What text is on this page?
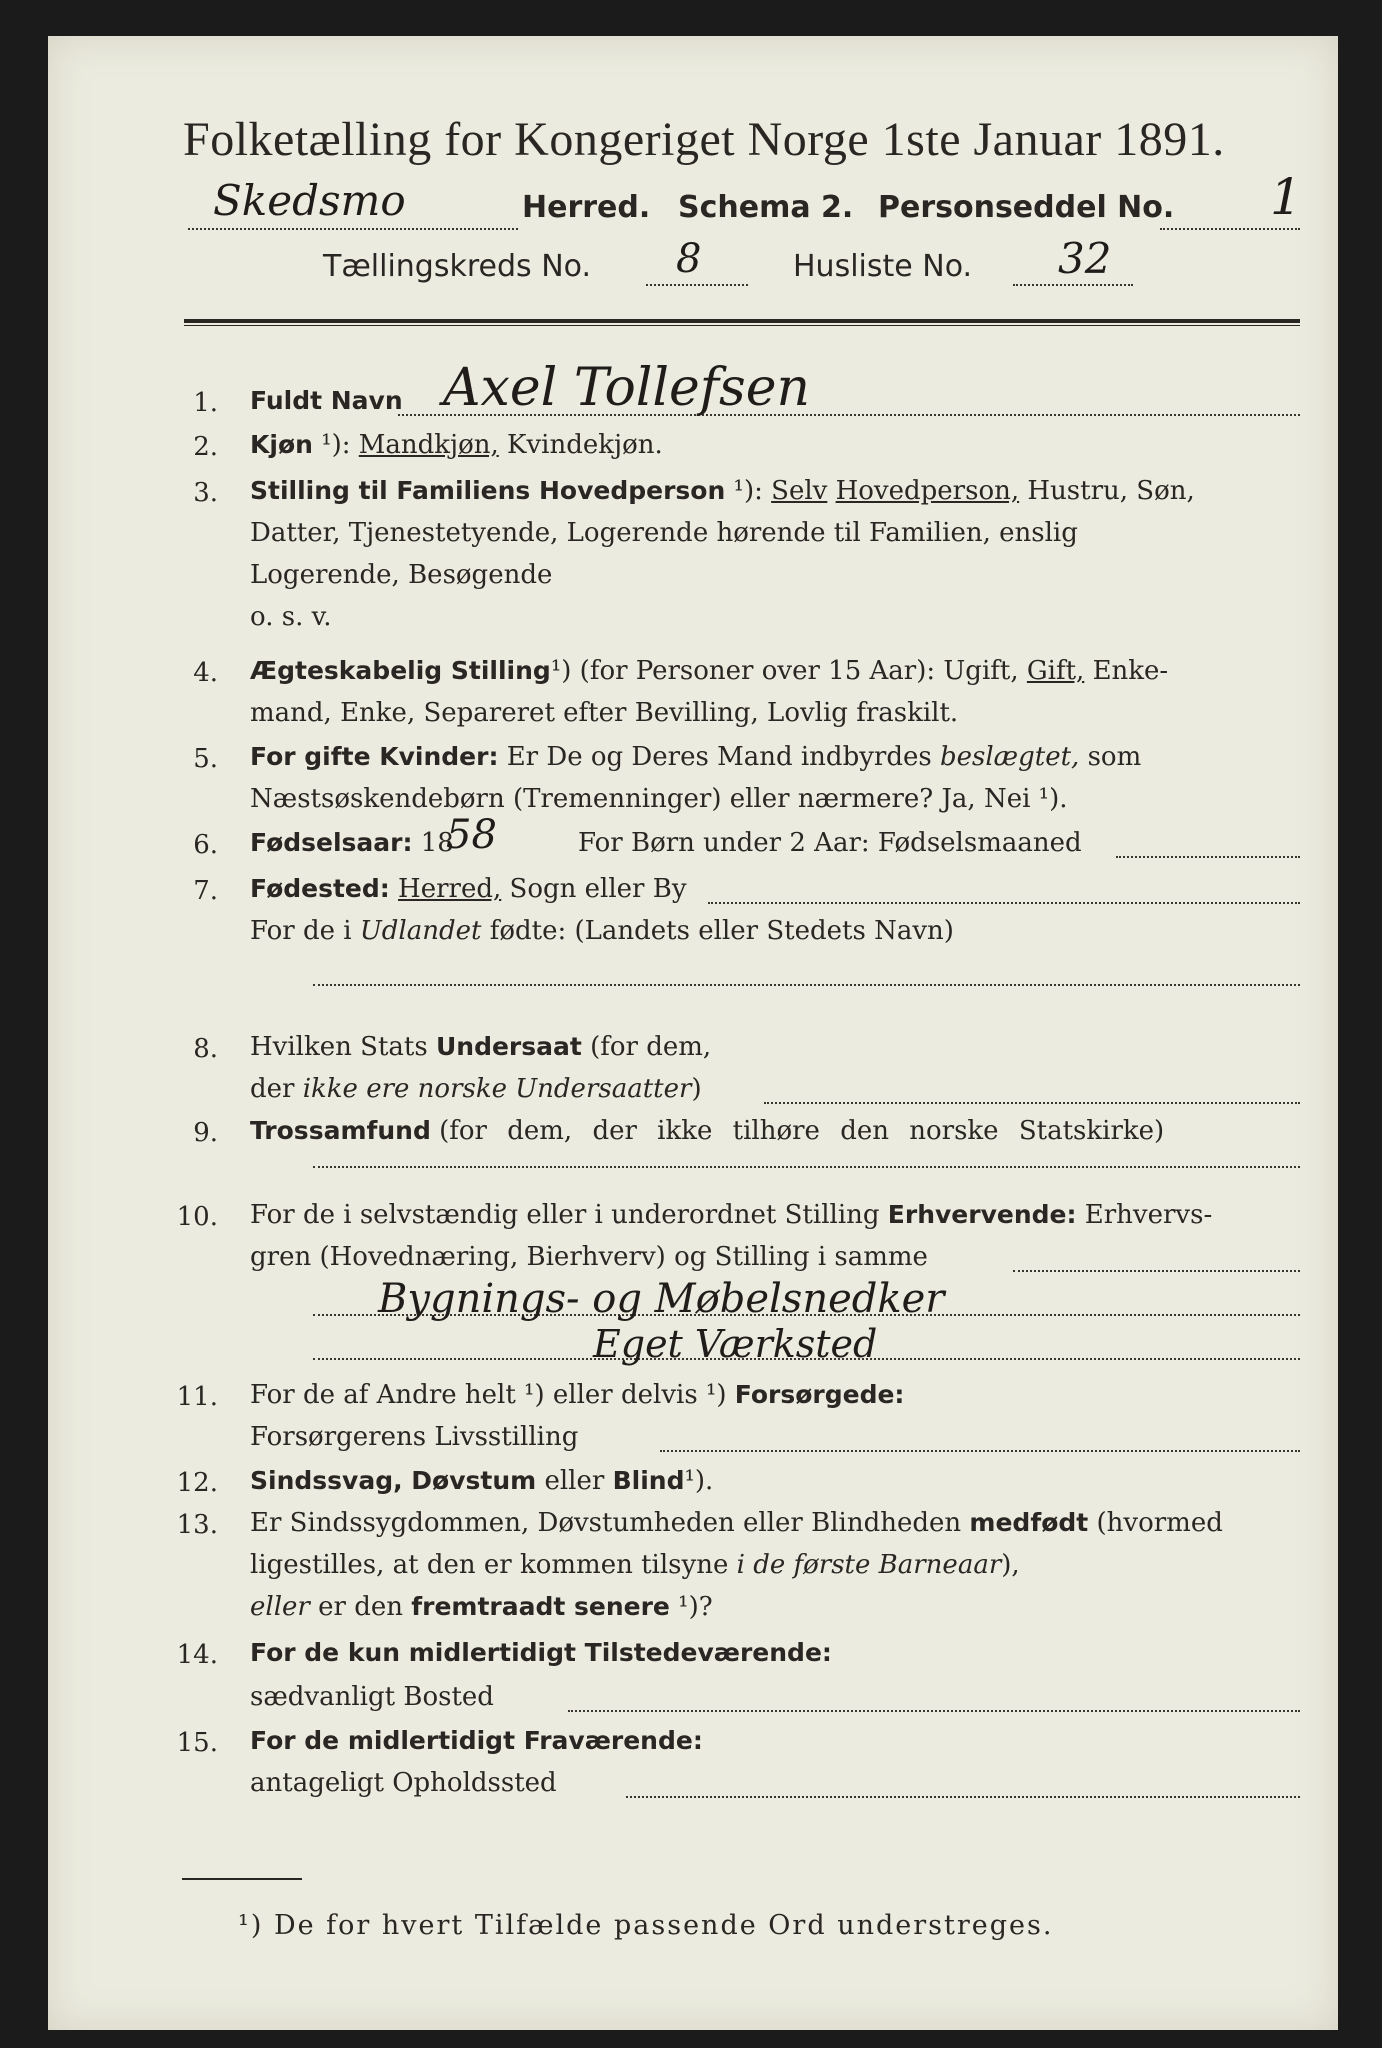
Folketælling for Kongeriget Norge 1ste Januar 1891.
Skedsmo	Herred. Schema 2. Personseddel No. 1
Tællingskreds No. 8	Husliste No. 32
1. Fuldt Navn Axel Tollefsen
2. Kjøn ¹): Mandkjøn, Kvindekjøn.
3. Stilling til Familiens Hovedperson ¹): Selv Hovedperson, Hustru, Søn,
Datter, Tjenestetyende, Logerende hørende til Familien, enslig
Logerende, Besøgende
o. s. v.
4. Ægteskabelig Stilling¹) (for Personer over 15 Aar): Ugift, Gift, Enke-
mand, Enke, Separeret efter Bevilling, Lovlig fraskilt.
5. For gifte Kvinder: Er De og Deres Mand indbyrdes beslægtet, som
Næstsøskendebørn (Tremenninger) eller nærmere? Ja, Nei ¹).
6. Fødselsaar: 18
58	For Børn under 2 Aar: Fødselsmaaned
7. Fødested: Herred, Sogn eller By
For de i Udlandet fødte: (Landets eller Stedets Navn)
8. Hvilken Stats Undersaat (for dem,
der ikke ere norske Undersaatter)
9. Trossamfund (for dem, der ikke tilhøre den norske Statskirke)
10. For de i selvstændig eller i underordnet Stilling Erhvervende: Erhvervs-
gren (Hovednæring, Bierhverv) og Stilling i samme
Bygnings- og Møbelsnedker
Eget Værksted
11. For de af Andre helt ¹) eller delvis ¹) Forsørgede:
Forsørgerens Livsstilling
12. Sindssvag, Døvstum eller Blind¹).
13. Er Sindssygdommen, Døvstumheden eller Blindheden medfødt (hvormed
ligestilles, at den er kommen tilsyne i de første Barneaar),
eller er den fremtraadt senere ¹)?
14. For de kun midlertidigt Tilstedeværende:
sædvanligt Bosted
15. For de midlertidigt Fraværende:
antageligt Opholdssted
¹) De for hvert Tilfælde passende Ord understreges.
